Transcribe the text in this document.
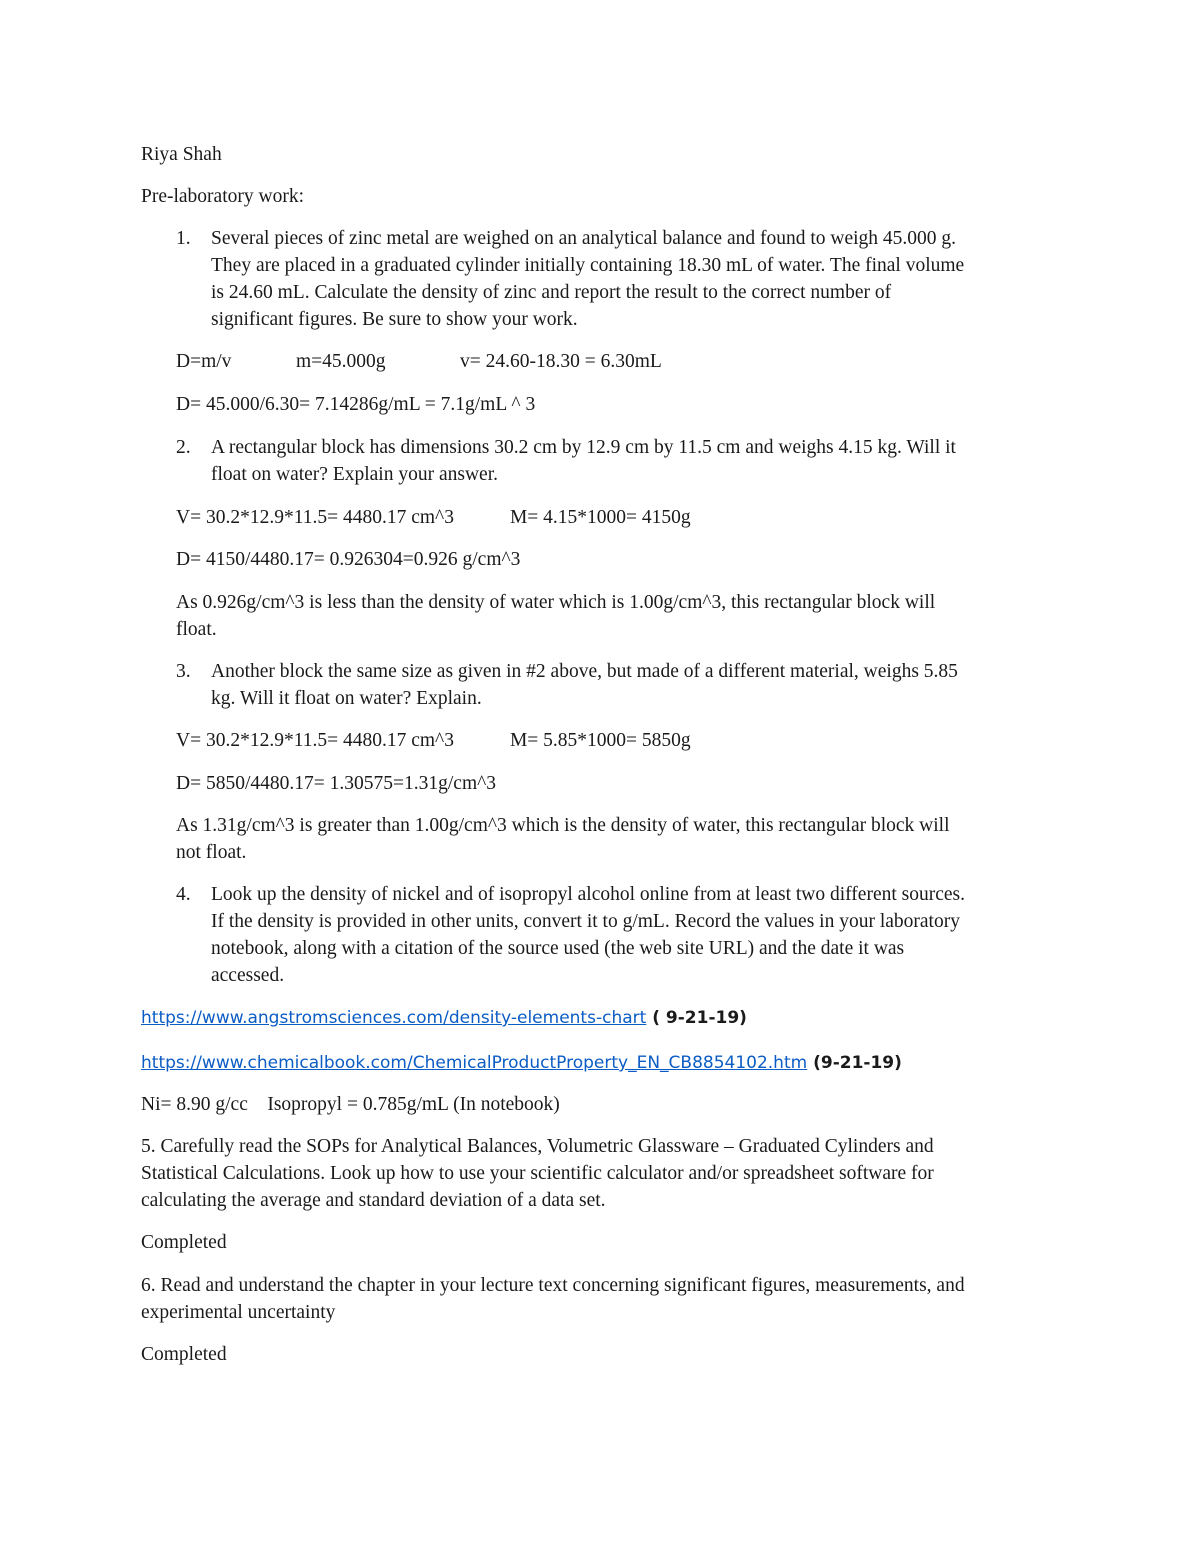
Riya Shah
Pre-laboratory work:
1. Several pieces of zinc metal are weighed on an analytical balance and found to weigh 45.000 g.
They are placed in a graduated cylinder initially containing 18.30 mL of water. The final volume
is 24.60 mL. Calculate the density of zinc and report the result to the correct number of
significant figures. Be sure to show your work.
D=m/v	m=45.000g	v= 24.60-18.30 = 6.30mL
D= 45.000/6.30= 7.14286g/mL = 7.1g/mL ^ 3
2. A rectangular block has dimensions 30.2 cm by 12.9 cm by 11.5 cm and weighs 4.15 kg. Will it
float on water? Explain your answer.
V= 30.2*12.9*11.5= 4480.17 cm^3	M= 4.15*1000= 4150g
D= 4150/4480.17= 0.926304=0.926 g/cm^3
As 0.926g/cm^3 is less than the density of water which is 1.00g/cm^3, this rectangular block will
float.
3. Another block the same size as given in #2 above, but made of a different material, weighs 5.85
kg. Will it float on water? Explain.
V= 30.2*12.9*11.5= 4480.17 cm^3	M= 5.85*1000= 5850g
D= 5850/4480.17= 1.30575=1.31g/cm^3
As 1.31g/cm^3 is greater than 1.00g/cm^3 which is the density of water, this rectangular block will
not float.
4. Look up the density of nickel and of isopropyl alcohol online from at least two different sources.
If the density is provided in other units, convert it to g/mL. Record the values in your laboratory
notebook, along with a citation of the source used (the web site URL) and the date it was
accessed.
https://www.angstromsciences.com/density-elements-chart ( 9-21-19)
https://www.chemicalbook.com/ChemicalProductProperty_EN_CB8854102.htm (9-21-19)
Ni= 8.90 g/cc    Isopropyl = 0.785g/mL (In notebook)
5. Carefully read the SOPs for Analytical Balances, Volumetric Glassware – Graduated Cylinders and
Statistical Calculations. Look up how to use your scientific calculator and/or spreadsheet software for
calculating the average and standard deviation of a data set.
Completed
6. Read and understand the chapter in your lecture text concerning significant figures, measurements, and
experimental uncertainty
Completed
